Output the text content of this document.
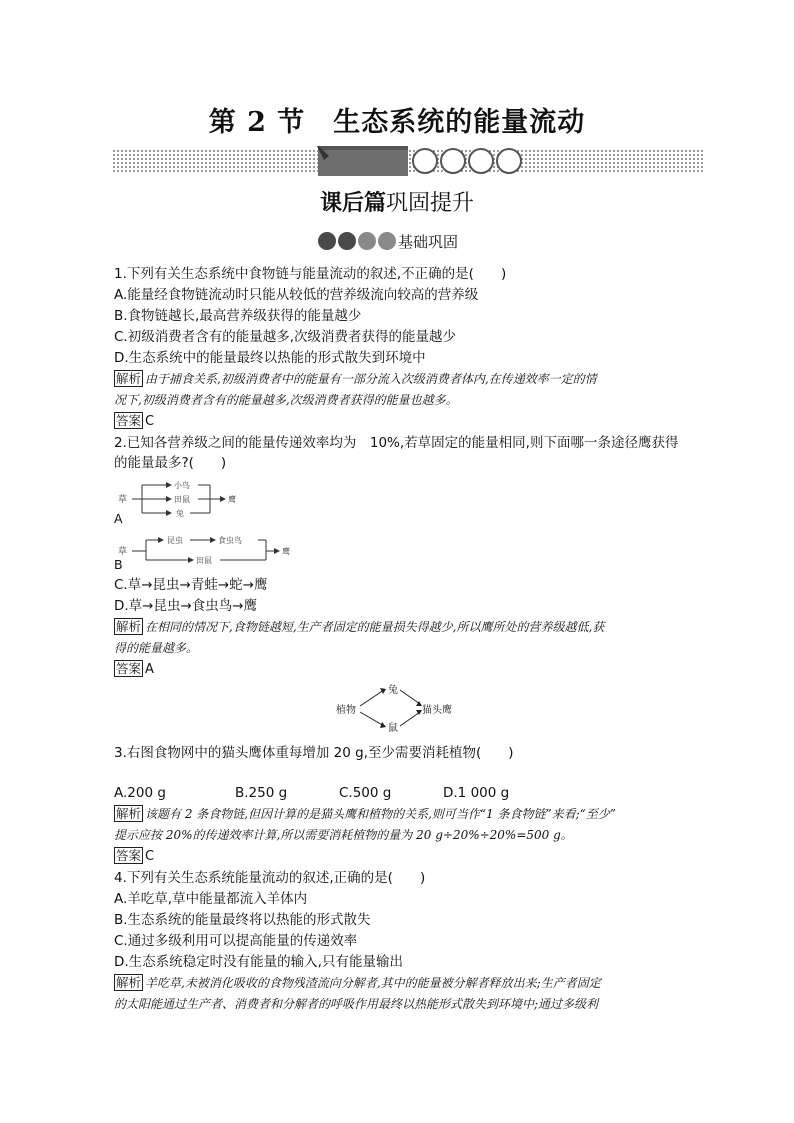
第 2 节　生态系统的能量流动
课后篇巩固提升
基础巩固
1.下列有关生态系统中食物链与能量流动的叙述,不正确的是(　　)
A.能量经食物链流动时只能从较低的营养级流向较高的营养级
B.食物链越长,最高营养级获得的能量越少
C.初级消费者含有的能量越多,次级消费者获得的能量越少
D.生态系统中的能量最终以热能的形式散失到环境中
解析 由于捕食关系,初级消费者中的能量有一部分流入次级消费者体内,在传递效率一定的情
况下,初级消费者含有的能量越多,次级消费者获得的能量也越多。
答案 C
2.已知各营养级之间的能量传递效率均为　10%,若草固定的能量相同,则下面哪一条途径鹰获得
的能量最多?(　　)
草
小鸟
田鼠
兔
鹰
A
草
昆虫	食虫鸟
田鼠
鹰
B
C.草→昆虫→青蛙→蛇→鹰
D.草→昆虫→食虫鸟→鹰
解析 在相同的情况下,食物链越短,生产者固定的能量损失得越少,所以鹰所处的营养级越低,获
得的能量越多。
答案 A
植物
兔
鼠
猫头鹰
3.右图食物网中的猫头鹰体重每增加 20 g,至少需要消耗植物(　　)
A.200 g	B.250 g	C.500 g	D.1 000 g
解析 该题有 2 条食物链,但因计算的是猫头鹰和植物的关系,则可当作“1 条食物链”来看;“至少”
提示应按 20%的传递效率计算,所以需要消耗植物的量为 20 g÷20%÷20%=500 g。
答案 C
4.下列有关生态系统能量流动的叙述,正确的是(　　)
A.羊吃草,草中能量都流入羊体内
B.生态系统的能量最终将以热能的形式散失
C.通过多级利用可以提高能量的传递效率
D.生态系统稳定时没有能量的输入,只有能量输出
解析 羊吃草,未被消化吸收的食物残渣流向分解者,其中的能量被分解者释放出来;生产者固定
的太阳能通过生产者、消费者和分解者的呼吸作用最终以热能形式散失到环境中;通过多级利
